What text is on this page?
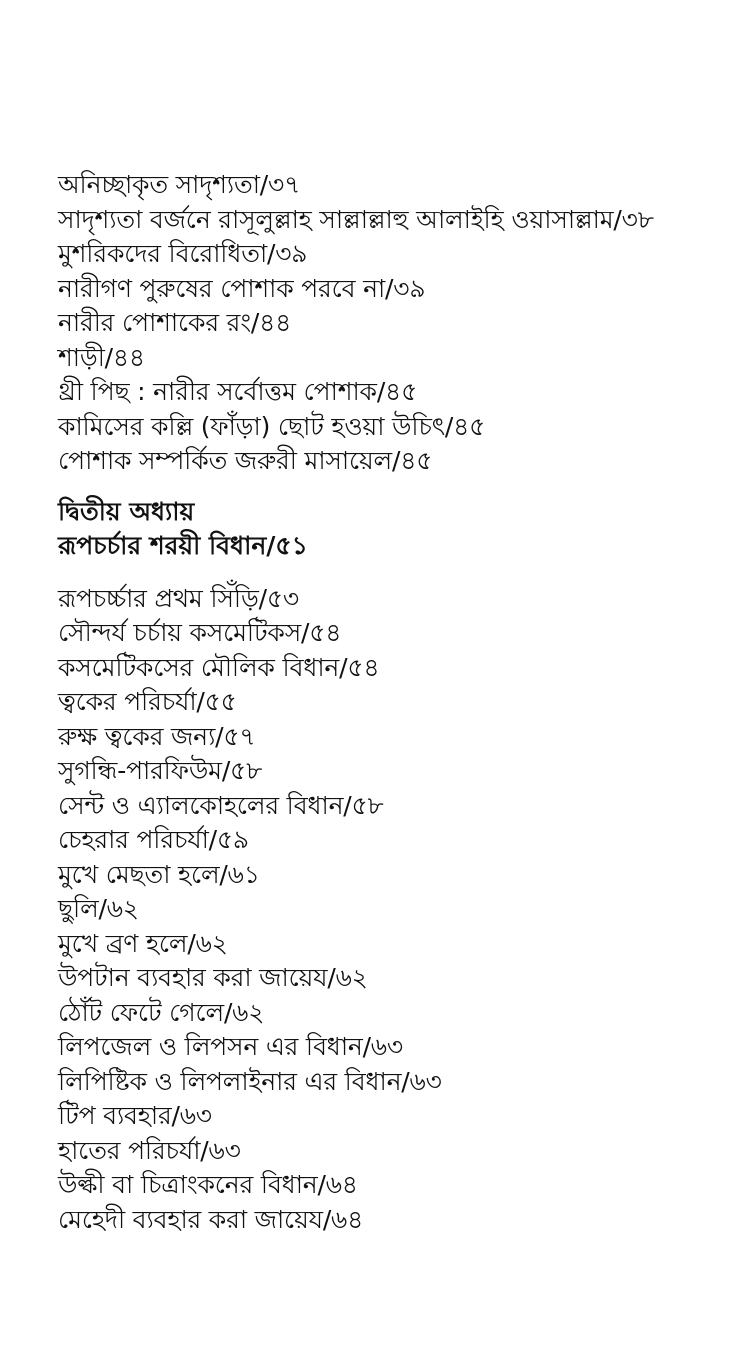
অনিচ্ছাকৃত সাদৃশ্যতা/৩৭
সাদৃশ্যতা বর্জনে রাসূলুল্লাহ সাল্লাল্লাহু আলাইহি ওয়াসাল্লাম/৩৮
মুশরিকদের বিরোধিতা/৩৯
নারীগণ পুরুষের পোশাক পরবে না/৩৯
নারীর পোশাকের রং/৪৪
শাড়ী/৪৪
থ্রী পিছ : নারীর সর্বোত্তম পোশাক/৪৫
কামিসের কল্লি (ফাঁড়া) ছোট হওয়া উচিৎ/৪৫
পোশাক সম্পর্কিত জরুরী মাসায়েল/৪৫
দ্বিতীয় অধ্যায়
রূপচর্চার শরয়ী বিধান/৫১
রূপচর্চ্চার প্রথম সিঁড়ি/৫৩
সৌন্দর্য চর্চায় কসমেটিকস/৫৪
কসমেটিকসের মৌলিক বিধান/৫৪
ত্বকের পরিচর্যা/৫৫
রুক্ষ ত্বকের জন্য/৫৭
সুগন্ধি-পারফিউম/৫৮
সেন্ট ও এ্যালকোহলের বিধান/৫৮
চেহরার পরিচর্যা/৫৯
মুখে মেছতা হলে/৬১
ছুলি/৬২
মুখে ব্রণ হলে/৬২
উপটান ব্যবহার করা জায়েয/৬২
ঠোঁট ফেটে গেলে/৬২
লিপজেল ও লিপসন এর বিধান/৬৩
লিপিষ্টিক ও লিপলাইনার এর বিধান/৬৩
টিপ ব্যবহার/৬৩
হাতের পরিচর্যা/৬৩
উল্কী বা চিত্রাংকনের বিধান/৬৪
মেহেদী ব্যবহার করা জায়েয/৬৪
